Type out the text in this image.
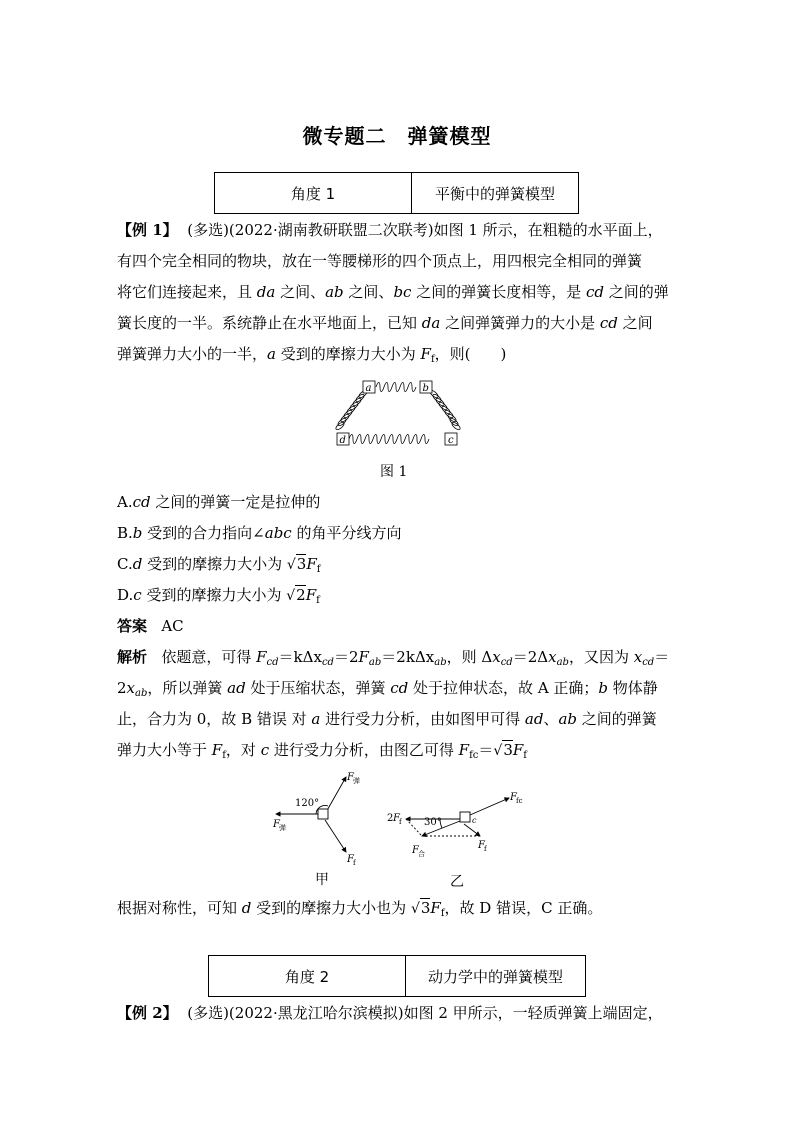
微专题二　弹簧模型
角度 1	平衡中的弹簧模型
【例 1】 (多选)(2022·湖南教研联盟二次联考)如图 1 所示，在粗糙的水平面上，
有四个完全相同的物块，放在一等腰梯形的四个顶点上，用四根完全相同的弹簧
将它们连接起来，且 da 之间、ab 之间、bc 之间的弹簧长度相等，是 cd 之间的弹
簧长度的一半。系统静止在水平地面上，已知 da 之间弹簧弹力的大小是 cd 之间
弹簧弹力大小的一半，a 受到的摩擦力大小为 $F_f$，则(　　)
a	b
d	c
图 1
A.cd 之间的弹簧一定是拉伸的
B.b 受到的合力指向∠abc 的角平分线方向
C.d 受到的摩擦力大小为 $√3F_f$
D.c 受到的摩擦力大小为 $√2F_f$
答案 AC
解析 依题意，可得 $F_{cd}=k\Delta x_{cd}=2F_{ab}=2k\Delta x_{ab}$，则 $\Delta x_{cd}=2\Delta x_{ab}$，又因为 $x_{cd}=$
$2x_{ab}$，所以弹簧 ad 处于压缩状态，弹簧 cd 处于拉伸状态，故 A 正确；b 物体静
止，合力为 0，故 B 错误 对 a 进行受力分析，由如图甲可得 ad、ab 之间的弹簧
弹力大小等于 $F_f$，对 c 进行受力分析，由图乙可得 $F_{fc}=√3F_f$
F 弹
F 弹
F f
120°
2 F f	c
F fc
30°
F f
F 合
甲	乙
根据对称性，可知 d 受到的摩擦力大小也为 $√3F_f$，故 D 错误，C 正确。
角度 2	动力学中的弹簧模型
【例 2】 (多选)(2022·黑龙江哈尔滨模拟)如图 2 甲所示，一轻质弹簧上端固定，
